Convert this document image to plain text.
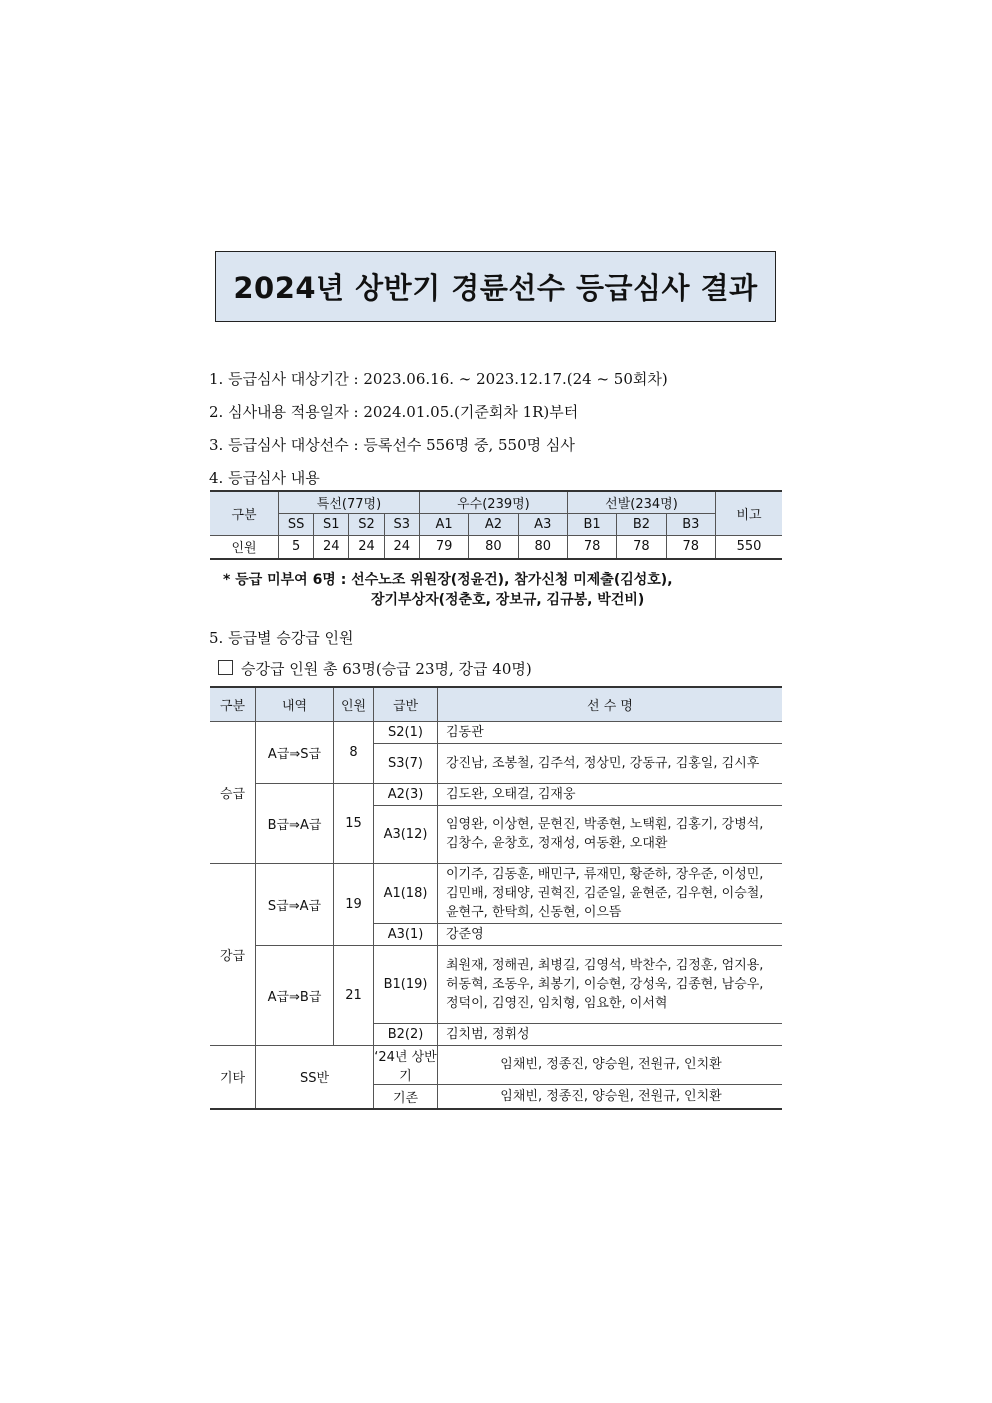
2024년 상반기 경륜선수 등급심사 결과
1. 등급심사 대상기간 : 2023.06.16. ∼ 2023.12.17.(24 ~ 50회차)
2. 심사내용 적용일자 : 2024.01.05.(기준회차 1R)부터
3. 등급심사 대상선수 : 등록선수 556명 중, 550명 심사
4. 등급심사 내용
구분	특선(77명)				우수(239명)			선발(234명)			비고
	SS	S1	S2	S3	A1	A2	A3	B1	B2	B3	
인원	5	24	24	24	79	80	80	78	78	78	550
* 등급 미부여 6명 : 선수노조 위원장(정윤건), 참가신청 미제출(김성호),
장기부상자(정춘호, 장보규, 김규봉, 박건비)
5. 등급별 승강급 인원
승강급 인원 총 63명(승급 23명, 강급 40명)
구분	내역	인원	급반	선 수 명
승급	A급⇒S급	8	S2(1)	김동관
			S3(7)	강진남, 조봉철, 김주석, 정상민, 강동규, 김홍일, 김시후
	B급⇒A급	15	A2(3)	김도완, 오태걸, 김재웅
			A3(12)	임영완, 이상현, 문현진, 박종현, 노택훤, 김홍기, 강병석, 김창수, 윤창호, 정재성, 여동환, 오대환
강급	S급⇒A급	19	A1(18)	이기주, 김동훈, 배민구, 류재민, 황준하, 장우준, 이성민, 김민배, 정태양, 권혁진, 김준일, 윤현준, 김우현, 이승철, 윤현구, 한탁희, 신동현, 이으뜸
			A3(1)	강준영
	A급⇒B급	21	B1(19)	최원재, 정해권, 최병길, 김영석, 박찬수, 김정훈, 엄지용, 허동혁, 조동우, 최봉기, 이승현, 강성욱, 김종현, 남승우, 정덕이, 김영진, 임치형, 임요한, 이서혁
			B2(2)	김치범, 정휘성
기타	SS반		‘24년 상반기	임채빈, 정종진, 양승원, 전원규, 인치환
			기존	임채빈, 정종진, 양승원, 전원규, 인치환
